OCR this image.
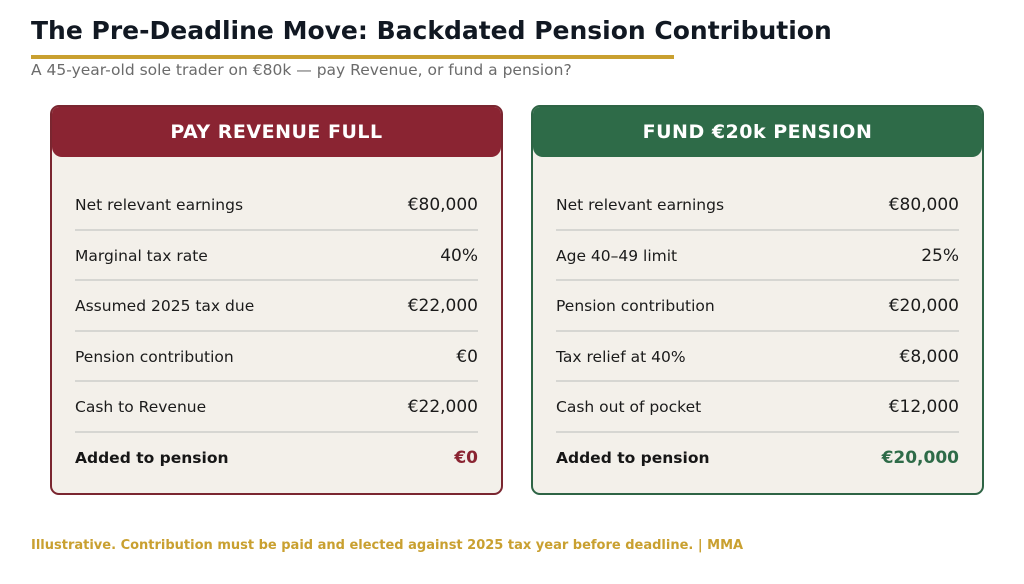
The Pre-Deadline Move: Backdated Pension Contribution
A 45-year-old sole trader on €80k — pay Revenue, or fund a pension?
PAY REVENUE FULL
Net relevant earnings	€80,000
Marginal tax rate	40%
Assumed 2025 tax due	€22,000
Pension contribution	€0
Cash to Revenue	€22,000
Added to pension	€0
FUND €20k PENSION
Net relevant earnings	€80,000
Age 40–49 limit	25%
Pension contribution	€20,000
Tax relief at 40%	€8,000
Cash out of pocket	€12,000
Added to pension	€20,000
Illustrative. Contribution must be paid and elected against 2025 tax year before deadline. | MMA
